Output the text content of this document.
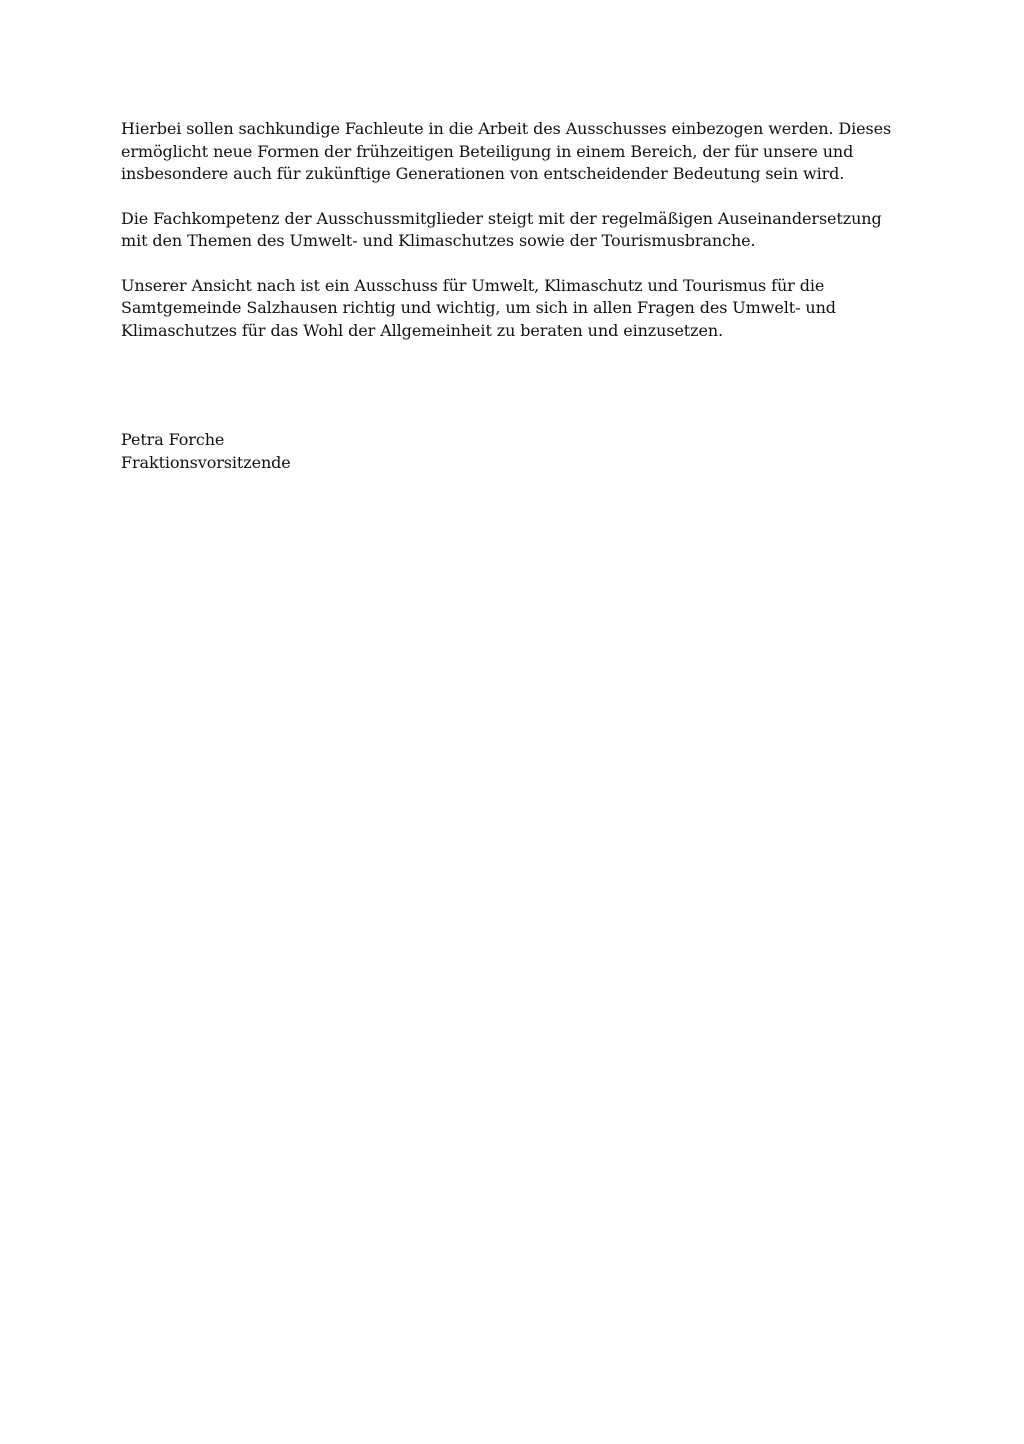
Hierbei sollen sachkundige Fachleute in die Arbeit des Ausschusses einbezogen werden. Dieses
ermöglicht neue Formen der frühzeitigen Beteiligung in einem Bereich, der für unsere und
insbesondere auch für zukünftige Generationen von entscheidender Bedeutung sein wird.

Die Fachkompetenz der Ausschussmitglieder steigt mit der regelmäßigen Auseinandersetzung
mit den Themen des Umwelt- und Klimaschutzes sowie der Tourismusbranche.

Unserer Ansicht nach ist ein Ausschuss für Umwelt, Klimaschutz und Tourismus für die
Samtgemeinde Salzhausen richtig und wichtig, um sich in allen Fragen des Umwelt- und
Klimaschutzes für das Wohl der Allgemeinheit zu beraten und einzusetzen.

Petra Forche
Fraktionsvorsitzende
